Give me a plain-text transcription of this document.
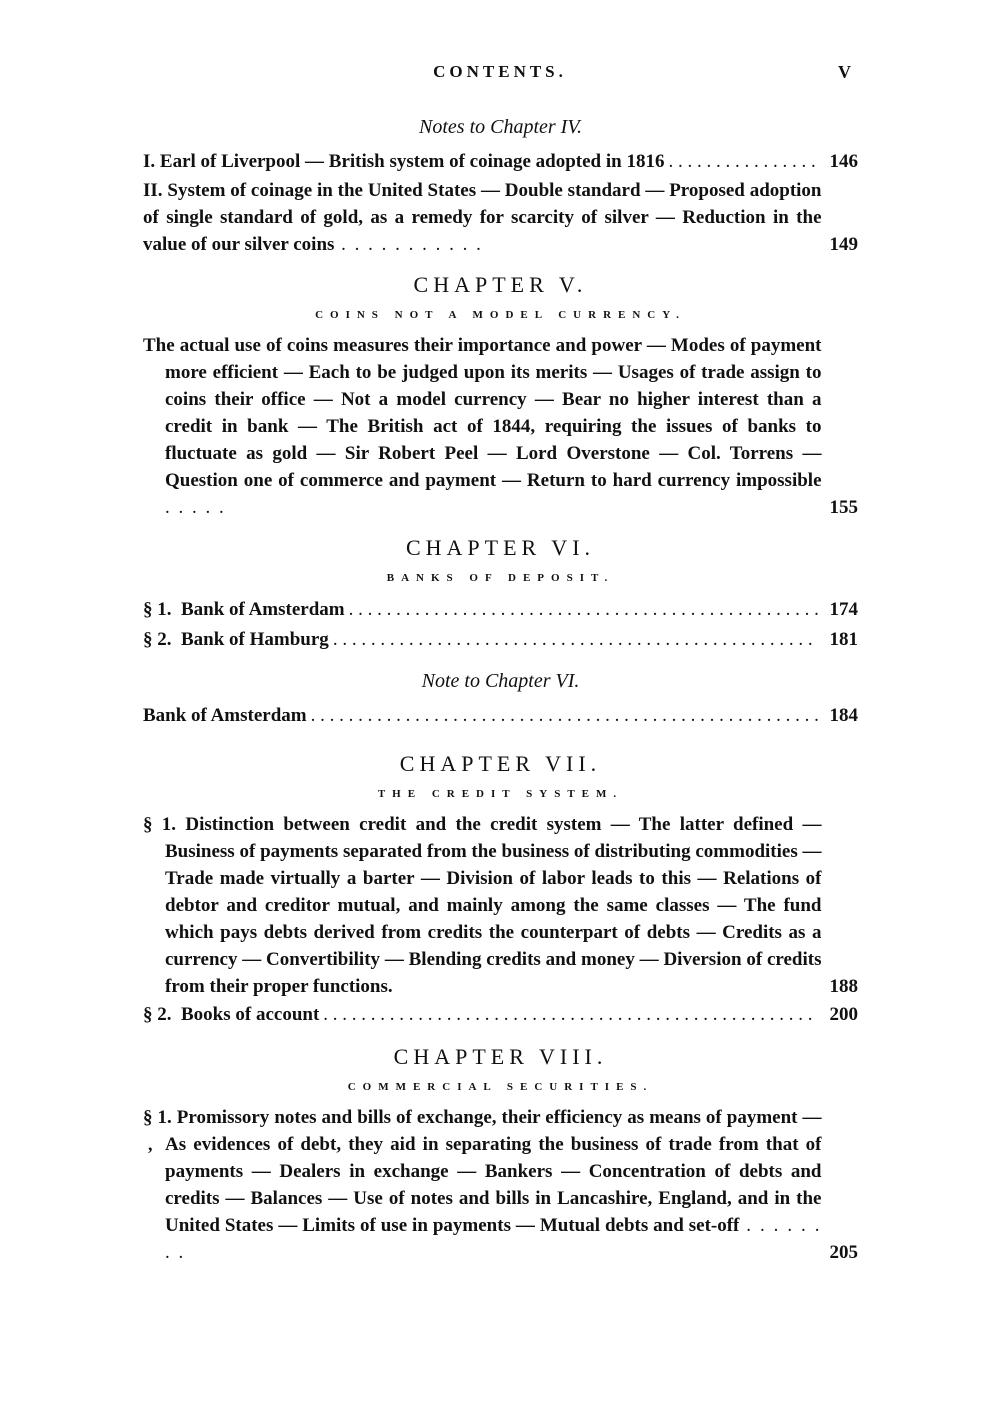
CONTENTS.	V
Notes to Chapter IV.
I. Earl of Liverpool — British system of coinage adopted in 1816 . . .	146

II. System of coinage in the United States — Double standard — Proposed adoption of single standard of gold, as a remedy for scarcity of silver — Reduction in the value of our silver coins . . . . . . . . . . .	149
CHAPTER V.
COINS NOT A MODEL CURRENCY.

The actual use of coins measures their importance and power — Modes of payment more efficient — Each to be judged upon its merits — Usages of trade assign to coins their office — Not a model currency — Bear no higher interest than a credit in bank — The British act of 1844, requiring the issues of banks to fluctuate as gold — Sir Robert Peel — Lord Overstone — Col. Torrens — Question one of commerce and payment — Return to hard currency impossible . . . . .	155
CHAPTER VI.
BANKS OF DEPOSIT.
§ 1. Bank of Amsterdam . . .	174
§ 2. Bank of Hamburg . . .	181
Note to Chapter VI.
Bank of Amsterdam . . .	184
CHAPTER VII.
THE CREDIT SYSTEM.

§ 1. Distinction between credit and the credit system — The latter defined — Business of payments separated from the business of distributing commodities — Trade made virtually a barter — Division of labor leads to this — Relations of debtor and creditor mutual, and mainly among the same classes — The fund which pays debts derived from credits the counterpart of debts — Credits as a currency — Convertibility — Blending credits and money — Diversion of credits from their proper functions.	188
§ 2. Books of account . . .	200
CHAPTER VIII.
COMMERCIAL SECURITIES.

§ 1. Promissory notes and bills of exchange, their efficiency as means of payment — As evidences of debt, they aid in separating the business of trade from that of payments — Dealers in exchange — Bankers — Concentration of debts and credits — Balances — Use of notes and bills in Lancashire, England, and in the United States — Limits of use in payments — Mutual debts and set-off . . . . . . . .	205
,
